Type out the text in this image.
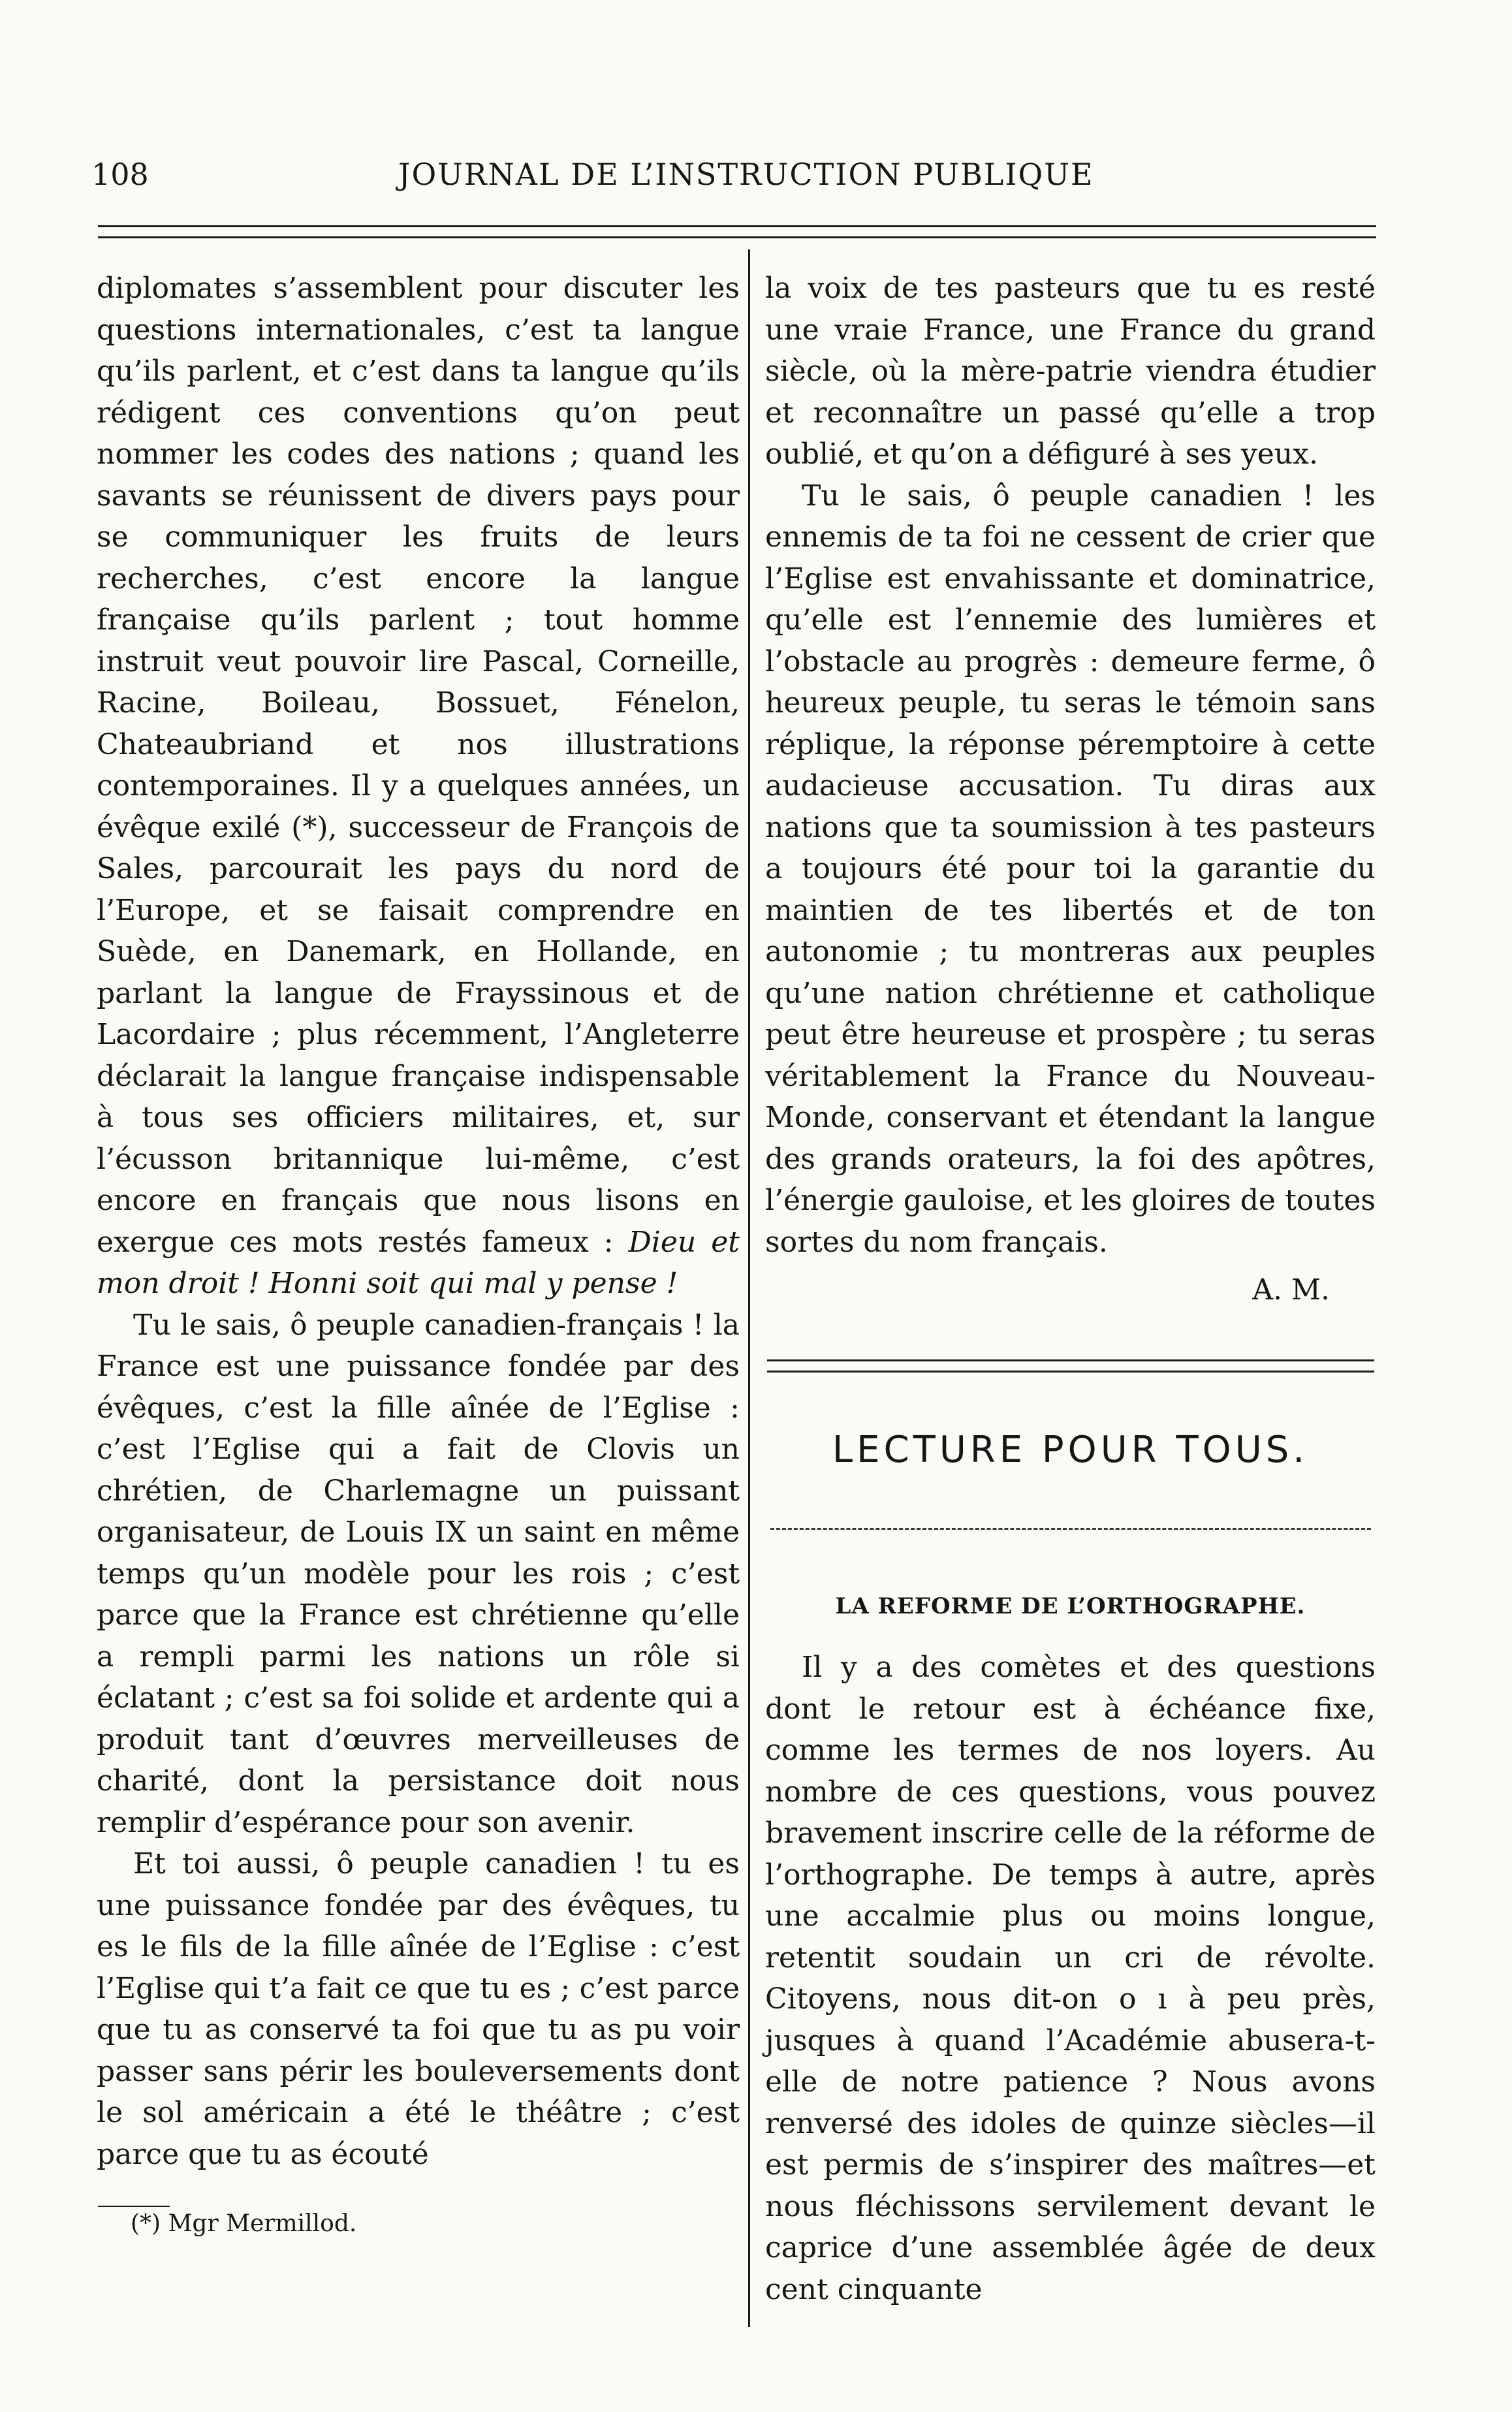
108	JOURNAL DE L’INSTRUCTION PUBLIQUE

diplomates s’assemblent pour discuter les questions internationales, c’est ta langue qu’ils parlent, et c’est dans ta langue qu’ils rédigent ces conventions qu’on peut nommer les codes des nations ; quand les savants se réunissent de divers pays pour se communiquer les fruits de leurs recherches, c’est encore la langue française qu’ils parlent ; tout homme instruit veut pouvoir lire Pascal, Corneille, Racine, Boileau, Bossuet, Fénelon, Chateaubriand et nos illustrations contemporaines. Il y a quelques années, un évêque exilé (*), successeur de François de Sales, parcourait les pays du nord de l’Europe, et se faisait comprendre en Suède, en Danemark, en Hollande, en parlant la langue de Frayssinous et de Lacordaire ; plus récemment, l’Angleterre déclarait la langue française indispensable à tous ses officiers militaires, et, sur l’écusson britannique lui-même, c’est encore en français que nous lisons en exergue ces mots restés fameux : Dieu et mon droit ! Honni soit qui mal y pense !

Tu le sais, ô peuple canadien-français ! la France est une puissance fondée par des évêques, c’est la fille aînée de l’Eglise : c’est l’Eglise qui a fait de Clovis un chrétien, de Charlemagne un puissant organisateur, de Louis IX un saint en même temps qu’un modèle pour les rois ; c’est parce que la France est chrétienne qu’elle a rempli parmi les nations un rôle si éclatant ; c’est sa foi solide et ardente qui a produit tant d’œuvres merveilleuses de charité, dont la persistance doit nous remplir d’espérance pour son avenir.

Et toi aussi, ô peuple canadien ! tu es une puissance fondée par des évêques, tu es le fils de la fille aînée de l’Eglise : c’est l’Eglise qui t’a fait ce que tu es ; c’est parce que tu as conservé ta foi que tu as pu voir passer sans périr les bouleversements dont le sol américain a été le théâtre ; c’est parce que tu as écouté

la voix de tes pasteurs que tu es resté une vraie France, une France du grand siècle, où la mère-patrie viendra étudier et reconnaître un passé qu’elle a trop oublié, et qu’on a défiguré à ses yeux.

Tu le sais, ô peuple canadien ! les ennemis de ta foi ne cessent de crier que l’Eglise est envahissante et dominatrice, qu’elle est l’ennemie des lumières et l’obstacle au progrès : demeure ferme, ô heureux peuple, tu seras le témoin sans réplique, la réponse péremptoire à cette audacieuse accusation. Tu diras aux nations que ta soumission à tes pasteurs a toujours été pour toi la garantie du maintien de tes libertés et de ton autonomie ; tu montreras aux peuples qu’une nation chrétienne et catholique peut être heureuse et prospère ; tu seras véritablement la France du Nouveau-Monde, conservant et étendant la langue des grands orateurs, la foi des apôtres, l’énergie gauloise, et les gloires de toutes sortes du nom français.

A. M.

LECTURE POUR TOUS.
LA REFORME DE L’ORTHOGRAPHE.

Il y a des comètes et des questions dont le retour est à échéance fixe, comme les termes de nos loyers. Au nombre de ces questions, vous pouvez bravement inscrire celle de la réforme de l’orthographe. De temps à autre, après une accalmie plus ou moins longue, retentit soudain un cri de révolte. Citoyens, nous dit-on o ı à peu près, jusques à quand l’Académie abusera-t-elle de notre patience ? Nous avons renversé des idoles de quinze siècles—il est permis de s’inspirer des maîtres—et nous fléchissons servilement devant le caprice d’une assemblée âgée de deux cent cinquante

(*) Mgr Mermillod.
